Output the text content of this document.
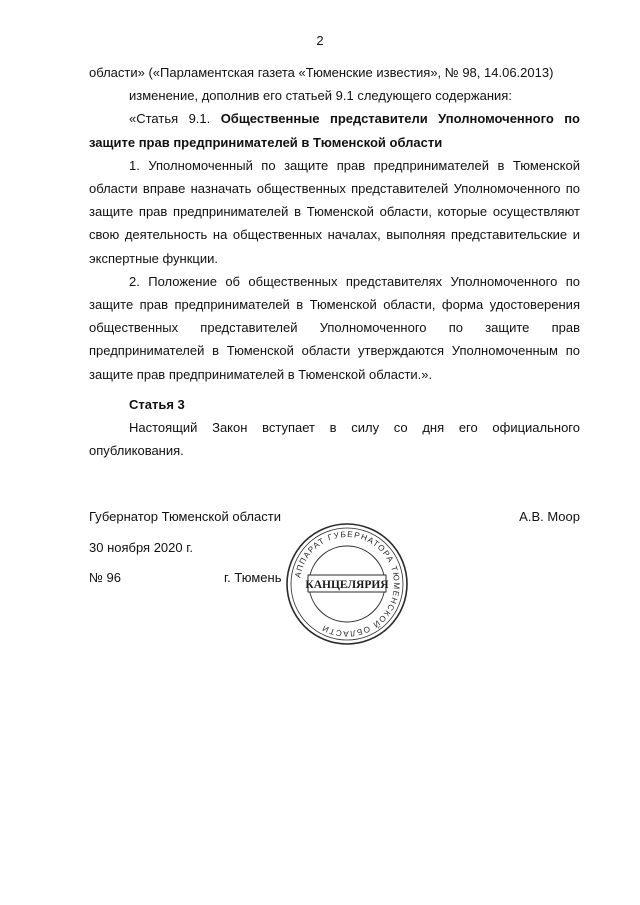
2

области» («Парламентская газета «Тюменские известия», № 98, 14.06.2013)

изменение, дополнив его статьей 9.1 следующего содержания:

«Статья 9.1. Общественные представители Уполномоченного по защите прав предпринимателей в Тюменской области

1. Уполномоченный по защите прав предпринимателей в Тюменской области вправе назначать общественных представителей Уполномоченного по защите прав предпринимателей в Тюменской области, которые осуществляют свою деятельность на общественных началах, выполняя представительские и экспертные функции.

2. Положение об общественных представителях Уполномоченного по защите прав предпринимателей в Тюменской области, форма удостоверения общественных представителей Уполномоченного по защите прав предпринимателей в Тюменской области утверждаются Уполномоченным по защите прав предпринимателей в Тюменской области.».

Статья 3

Настоящий Закон вступает в силу со дня его официального опубликования.

Губернатор Тюменской области	А.В. Моор
30 ноября 2020 г.
№ 96	г. Тюмень АППАРАТ ГУБЕРНАТОРА ТЮМЕНСКОЙ ОБЛАСТИ
КАНЦЕЛЯРИЯ
